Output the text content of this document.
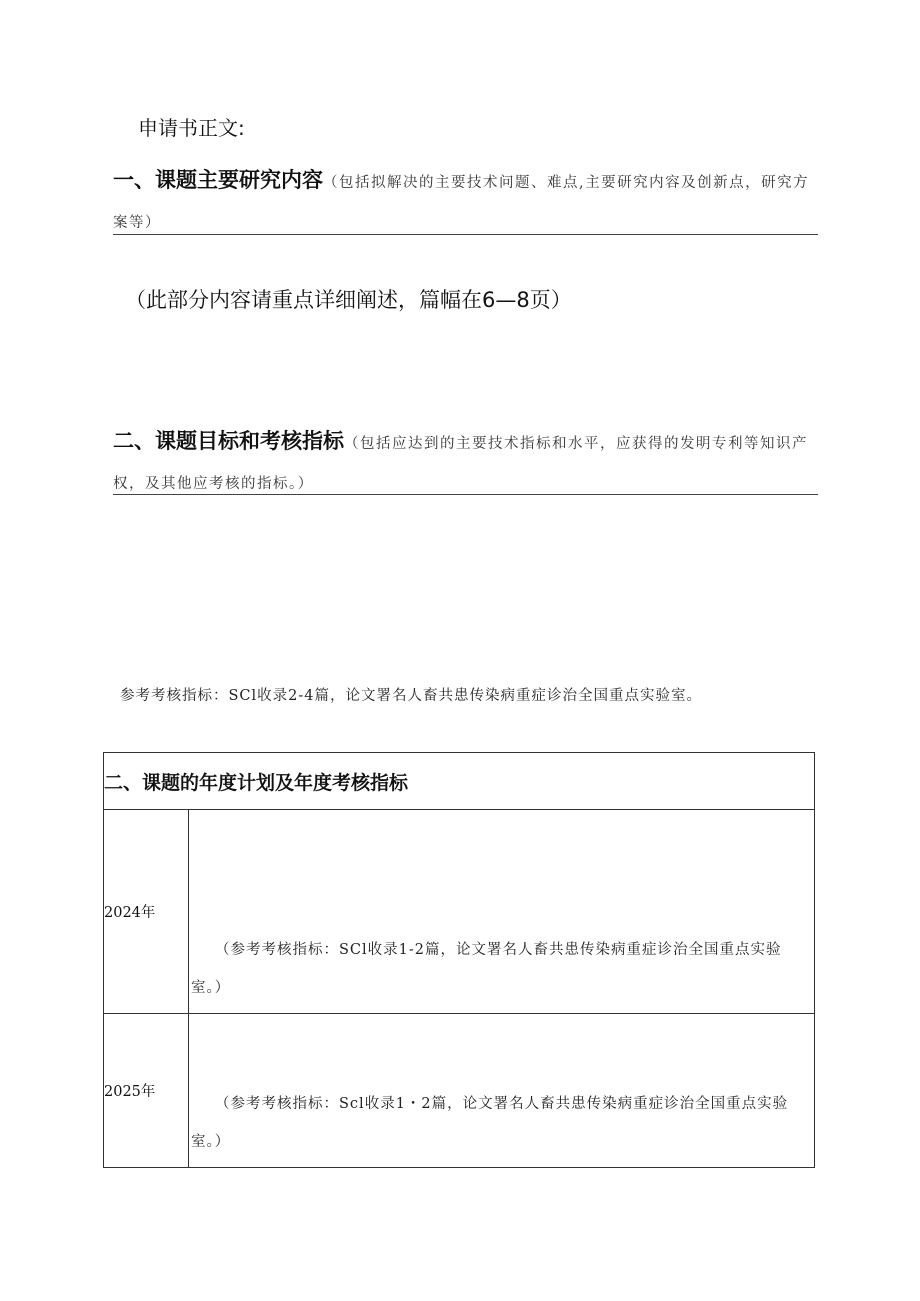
申请书正文:
一、课题主要研究内容（包括拟解决的主要技术问题、难点,主要研究内容及创新点，研究方案等）
（此部分内容请重点详细阐述，篇幅在6—8页）
二、课题目标和考核指标（包括应达到的主要技术指标和水平，应获得的发明专利等知识产权，及其他应考核的指标。）
参考考核指标：SCl收录2-4篇，论文署名人畜共患传染病重症诊治全国重点实验室。
二、课题的年度计划及年度考核指标	
2024年	（参考考核指标：SCl收录1-2篇，论文署名人畜共患传染病重症诊治全国重点实验室。）

2025年	（参考考核指标：Scl收录1・2篇，论文署名人畜共患传染病重症诊治全国重点实验室。）
